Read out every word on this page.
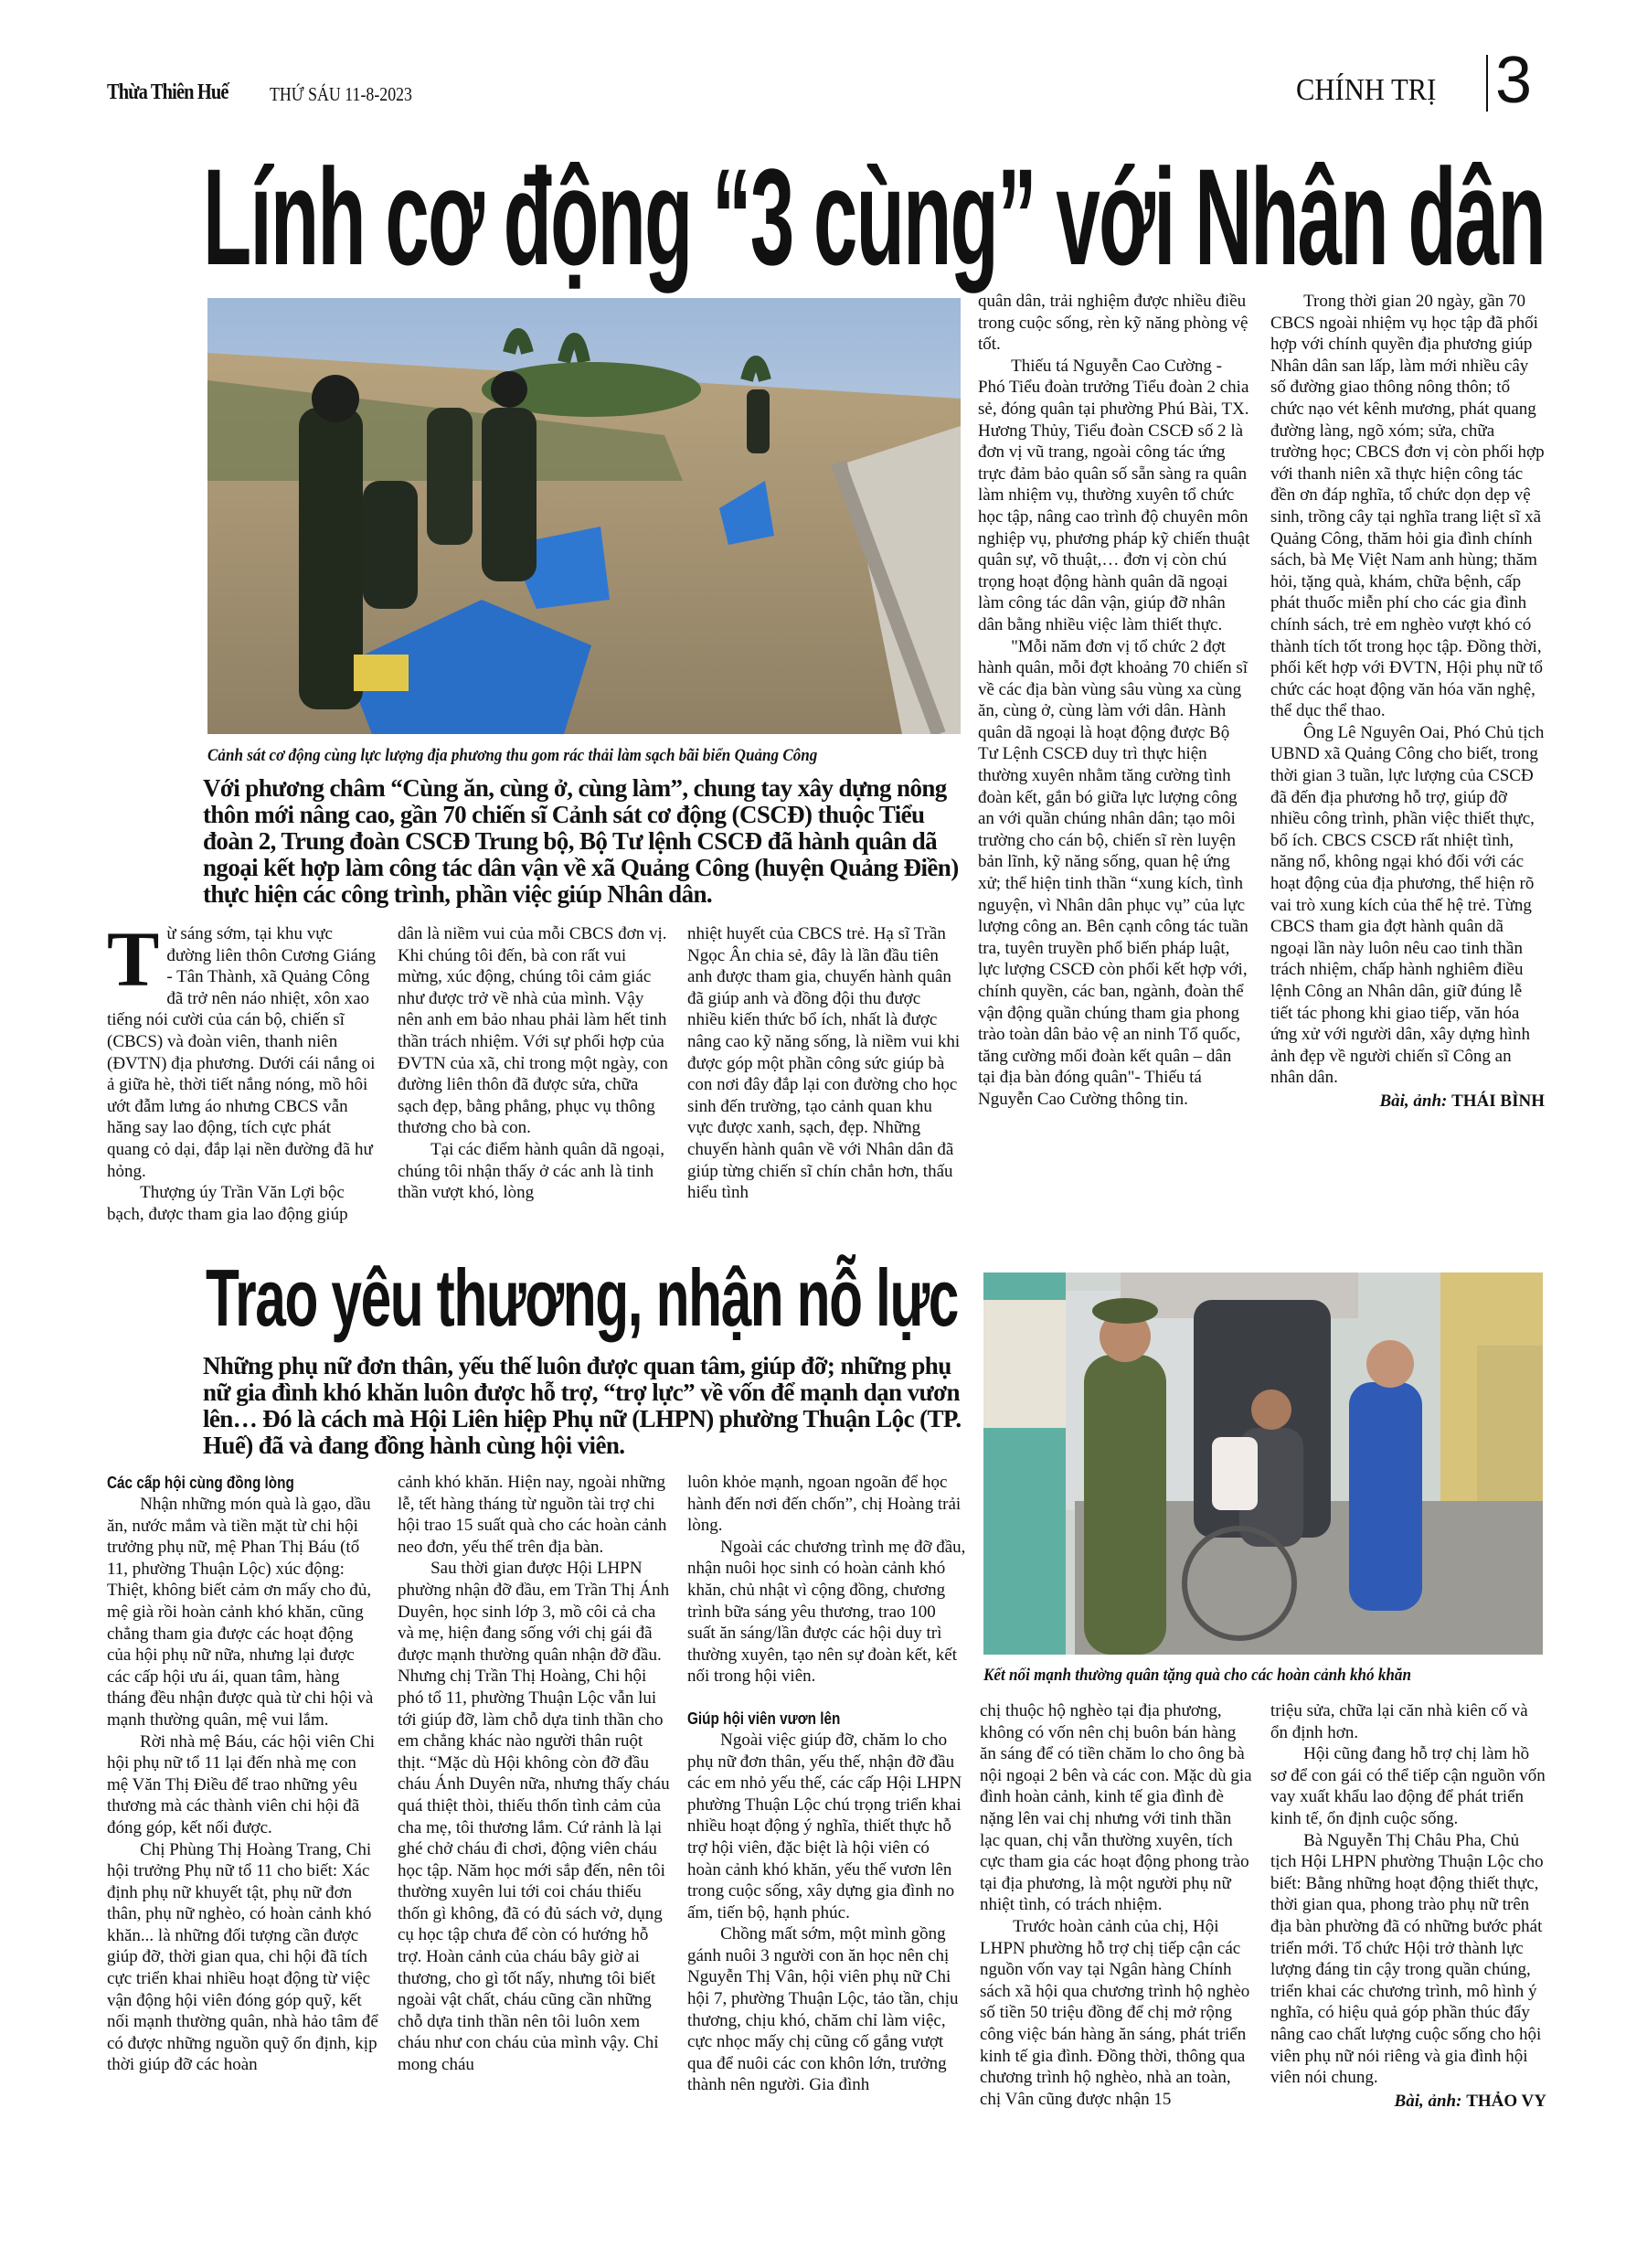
Thừa Thiên Huế THỨ SÁU 11-8-2023	CHÍNH TRỊ 3
Lính cơ động “3 cùng” với Nhân dân
Cảnh sát cơ động cùng lực lượng địa phương thu gom rác thải làm sạch bãi biển Quảng Công
Với phương châm “Cùng ăn, cùng ở, cùng làm”, chung tay xây dựng nông thôn mới nâng cao, gần 70 chiến sĩ Cảnh sát cơ động (CSCĐ) thuộc Tiểu đoàn 2, Trung đoàn CSCĐ Trung bộ, Bộ Tư lệnh CSCĐ đã hành quân dã ngoại kết hợp làm công tác dân vận về xã Quảng Công (huyện Quảng Điền) thực hiện các công trình, phần việc giúp Nhân dân.
T ừ sáng sớm, tại khu vực đường liên thôn Cương Giáng - Tân Thành, xã Quảng Công đã trở nên náo nhiệt, xôn xao tiếng nói cười của cán bộ, chiến sĩ (CBCS) và đoàn viên, thanh niên (ĐVTN) địa phương. Dưới cái nắng oi ả giữa hè, thời tiết nắng nóng, mồ hôi ướt đẫm lưng áo nhưng CBCS vẫn hăng say lao động, tích cực phát quang cỏ dại, đắp lại nền đường đã hư hỏng.

Thượng úy Trần Văn Lợi bộc bạch, được tham gia lao động giúp

dân là niềm vui của mỗi CBCS đơn vị. Khi chúng tôi đến, bà con rất vui mừng, xúc động, chúng tôi cảm giác như được trở về nhà của mình. Vậy nên anh em bảo nhau phải làm hết tinh thần trách nhiệm. Với sự phối hợp của ĐVTN của xã, chỉ trong một ngày, con đường liên thôn đã được sửa, chữa sạch đẹp, bằng phẳng, phục vụ thông thương cho bà con.

Tại các điểm hành quân dã ngoại, chúng tôi nhận thấy ở các anh là tinh thần vượt khó, lòng

nhiệt huyết của CBCS trẻ. Hạ sĩ Trần Ngọc Ân chia sẻ, đây là lần đầu tiên anh được tham gia, chuyến hành quân đã giúp anh và đồng đội thu được nhiều kiến thức bổ ích, nhất là được nâng cao kỹ năng sống, là niềm vui khi được góp một phần công sức giúp bà con nơi đây đắp lại con đường cho học sinh đến trường, tạo cảnh quan khu vực được xanh, sạch, đẹp. Những chuyến hành quân về với Nhân dân đã giúp từng chiến sĩ chín chắn hơn, thấu hiểu tình

quân dân, trải nghiệm được nhiều điều trong cuộc sống, rèn kỹ năng phòng vệ tốt.

Thiếu tá Nguyễn Cao Cường - Phó Tiểu đoàn trưởng Tiểu đoàn 2 chia sẻ, đóng quân tại phường Phú Bài, TX. Hương Thủy, Tiểu đoàn CSCĐ số 2 là đơn vị vũ trang, ngoài công tác ứng trực đảm bảo quân số sẵn sàng ra quân làm nhiệm vụ, thường xuyên tổ chức học tập, nâng cao trình độ chuyên môn nghiệp vụ, phương pháp kỹ chiến thuật quân sự, võ thuật,… đơn vị còn chú trọng hoạt động hành quân dã ngoại làm công tác dân vận, giúp đỡ nhân dân bằng nhiều việc làm thiết thực.

"Mỗi năm đơn vị tổ chức 2 đợt hành quân, mỗi đợt khoảng 70 chiến sĩ về các địa bàn vùng sâu vùng xa cùng ăn, cùng ở, cùng làm với dân. Hành quân dã ngoại là hoạt động được Bộ Tư Lệnh CSCĐ duy trì thực hiện thường xuyên nhằm tăng cường tình đoàn kết, gắn bó giữa lực lượng công an với quần chúng nhân dân; tạo môi trường cho cán bộ, chiến sĩ rèn luyện bản lĩnh, kỹ năng sống, quan hệ ứng xử; thể hiện tinh thần “xung kích, tình nguyện, vì Nhân dân phục vụ” của lực lượng công an. Bên cạnh công tác tuần tra, tuyên truyền phổ biến pháp luật, lực lượng CSCĐ còn phối kết hợp với, chính quyền, các ban, ngành, đoàn thể vận động quần chúng tham gia phong trào toàn dân bảo vệ an ninh Tổ quốc, tăng cường mối đoàn kết quân – dân tại địa bàn đóng quân"- Thiếu tá Nguyễn Cao Cường thông tin.

Trong thời gian 20 ngày, gần 70 CBCS ngoài nhiệm vụ học tập đã phối hợp với chính quyền địa phương giúp Nhân dân san lấp, làm mới nhiều cây số đường giao thông nông thôn; tổ chức nạo vét kênh mương, phát quang đường làng, ngõ xóm; sửa, chữa trường học; CBCS đơn vị còn phối hợp với thanh niên xã thực hiện công tác đền ơn đáp nghĩa, tổ chức dọn dẹp vệ sinh, trồng cây tại nghĩa trang liệt sĩ xã Quảng Công, thăm hỏi gia đình chính sách, bà Mẹ Việt Nam anh hùng; thăm hỏi, tặng quà, khám, chữa bệnh, cấp phát thuốc miễn phí cho các gia đình chính sách, trẻ em nghèo vượt khó có thành tích tốt trong học tập. Đồng thời, phối kết hợp với ĐVTN, Hội phụ nữ tổ chức các hoạt động văn hóa văn nghệ, thể dục thể thao.

Ông Lê Nguyên Oai, Phó Chủ tịch UBND xã Quảng Công cho biết, trong thời gian 3 tuần, lực lượng của CSCĐ đã đến địa phương hỗ trợ, giúp đỡ nhiều công trình, phần việc thiết thực, bổ ích. CBCS CSCĐ rất nhiệt tình, năng nổ, không ngại khó đối với các hoạt động của địa phương, thể hiện rõ vai trò xung kích của thế hệ trẻ. Từng CBCS tham gia đợt hành quân dã ngoại lần này luôn nêu cao tinh thần trách nhiệm, chấp hành nghiêm điều lệnh Công an Nhân dân, giữ đúng lễ tiết tác phong khi giao tiếp, văn hóa ứng xử với người dân, xây dựng hình ảnh đẹp về người chiến sĩ Công an nhân dân.

Bài, ảnh: THÁI BÌNH
Trao yêu thương, nhận nỗ lực
Những phụ nữ đơn thân, yếu thế luôn được quan tâm, giúp đỡ; những phụ nữ gia đình khó khăn luôn được hỗ trợ, “trợ lực” về vốn để mạnh dạn vươn lên… Đó là cách mà Hội Liên hiệp Phụ nữ (LHPN) phường Thuận Lộc (TP. Huế) đã và đang đồng hành cùng hội viên.
Kết nối mạnh thường quân tặng quà cho các hoàn cảnh khó khăn
Các cấp hội cùng đồng lòng

Nhận những món quà là gạo, dầu ăn, nước mắm và tiền mặt từ chi hội trưởng phụ nữ, mệ Phan Thị Báu (tổ 11, phường Thuận Lộc) xúc động: Thiệt, không biết cảm ơn mấy cho đủ, mệ già rồi hoàn cảnh khó khăn, cũng chẳng tham gia được các hoạt động của hội phụ nữ nữa, nhưng lại được các cấp hội ưu ái, quan tâm, hàng tháng đều nhận được quà từ chi hội và mạnh thường quân, mệ vui lắm.

Rời nhà mệ Báu, các hội viên Chi hội phụ nữ tổ 11 lại đến nhà mẹ con mệ Văn Thị Điều để trao những yêu thương mà các thành viên chi hội đã đóng góp, kết nối được.

Chị Phùng Thị Hoàng Trang, Chi hội trưởng Phụ nữ tổ 11 cho biết: Xác định phụ nữ khuyết tật, phụ nữ đơn thân, phụ nữ nghèo, có hoàn cảnh khó khăn... là những đối tượng cần được giúp đỡ, thời gian qua, chi hội đã tích cực triển khai nhiều hoạt động từ việc vận động hội viên đóng góp quỹ, kết nối mạnh thường quân, nhà hảo tâm để có được những nguồn quỹ ổn định, kịp thời giúp đỡ các hoàn

cảnh khó khăn. Hiện nay, ngoài những lễ, tết hàng tháng từ nguồn tài trợ chi hội trao 15 suất quà cho các hoàn cảnh neo đơn, yếu thế trên địa bàn.

Sau thời gian được Hội LHPN phường nhận đỡ đầu, em Trần Thị Ánh Duyên, học sinh lớp 3, mồ côi cả cha và mẹ, hiện đang sống với chị gái đã được mạnh thường quân nhận đỡ đầu. Nhưng chị Trần Thị Hoàng, Chi hội phó tổ 11, phường Thuận Lộc vẫn lui tới giúp đỡ, làm chỗ dựa tinh thần cho em chẳng khác nào người thân ruột thịt. “Mặc dù Hội không còn đỡ đầu cháu Ánh Duyên nữa, nhưng thấy cháu quá thiệt thòi, thiếu thốn tình cảm của cha mẹ, tôi thương lắm. Cứ rảnh là lại ghé chở cháu đi chơi, động viên cháu học tập. Năm học mới sắp đến, nên tôi thường xuyên lui tới coi cháu thiếu thốn gì không, đã có đủ sách vở, dụng cụ học tập chưa để còn có hướng hỗ trợ. Hoàn cảnh của cháu bây giờ ai thương, cho gì tốt nấy, nhưng tôi biết ngoài vật chất, cháu cũng cần những chỗ dựa tinh thần nên tôi luôn xem cháu như con cháu của mình vậy. Chỉ mong cháu

luôn khỏe mạnh, ngoan ngoãn để học hành đến nơi đến chốn”, chị Hoàng trải lòng.

Ngoài các chương trình mẹ đỡ đầu, nhận nuôi học sinh có hoàn cảnh khó khăn, chủ nhật vì cộng đồng, chương trình bữa sáng yêu thương, trao 100 suất ăn sáng/lần được các hội duy trì thường xuyên, tạo nên sự đoàn kết, kết nối trong hội viên.

Giúp hội viên vươn lên

Ngoài việc giúp đỡ, chăm lo cho phụ nữ đơn thân, yếu thế, nhận đỡ đầu các em nhỏ yếu thế, các cấp Hội LHPN phường Thuận Lộc chú trọng triển khai nhiều hoạt động ý nghĩa, thiết thực hỗ trợ hội viên, đặc biệt là hội viên có hoàn cảnh khó khăn, yếu thế vươn lên trong cuộc sống, xây dựng gia đình no ấm, tiến bộ, hạnh phúc.

Chồng mất sớm, một mình gồng gánh nuôi 3 người con ăn học nên chị Nguyễn Thị Vân, hội viên phụ nữ Chi hội 7, phường Thuận Lộc, tảo tần, chịu thương, chịu khó, chăm chỉ làm việc, cực nhọc mấy chị cũng cố gắng vượt qua để nuôi các con khôn lớn, trưởng thành nên người. Gia đình

chị thuộc hộ nghèo tại địa phương, không có vốn nên chị buôn bán hàng ăn sáng để có tiền chăm lo cho ông bà nội ngoại 2 bên và các con. Mặc dù gia đình hoàn cảnh, kinh tế gia đình đè nặng lên vai chị nhưng với tinh thần lạc quan, chị vẫn thường xuyên, tích cực tham gia các hoạt động phong trào tại địa phương, là một người phụ nữ nhiệt tình, có trách nhiệm.

Trước hoàn cảnh của chị, Hội LHPN phường hỗ trợ chị tiếp cận các nguồn vốn vay tại Ngân hàng Chính sách xã hội qua chương trình hộ nghèo số tiền 50 triệu đồng để chị mở rộng công việc bán hàng ăn sáng, phát triển kinh tế gia đình. Đồng thời, thông qua chương trình hộ nghèo, nhà an toàn, chị Vân cũng được nhận 15

triệu sửa, chữa lại căn nhà kiên cố và ổn định hơn.

Hội cũng đang hỗ trợ chị làm hồ sơ để con gái có thể tiếp cận nguồn vốn vay xuất khẩu lao động để phát triển kinh tế, ổn định cuộc sống.

Bà Nguyễn Thị Châu Pha, Chủ tịch Hội LHPN phường Thuận Lộc cho biết: Bằng những hoạt động thiết thực, thời gian qua, phong trào phụ nữ trên địa bàn phường đã có những bước phát triển mới. Tổ chức Hội trở thành lực lượng đáng tin cậy trong quần chúng, triển khai các chương trình, mô hình ý nghĩa, có hiệu quả góp phần thúc đẩy nâng cao chất lượng cuộc sống cho hội viên phụ nữ nói riêng và gia đình hội viên nói chung.

Bài, ảnh: THẢO VY
